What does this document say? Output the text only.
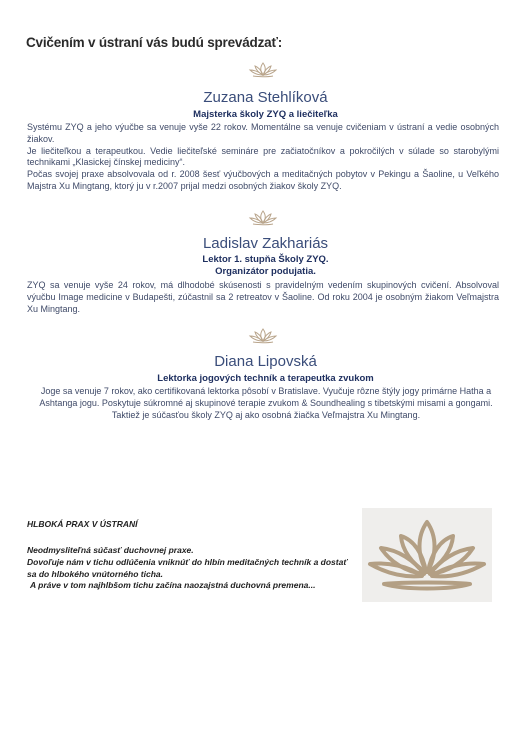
Cvičením v ústraní vás budú sprevádzať:
Zuzana Stehlíková
Majsterka školy ZYQ a liečiteľka

Systému ZYQ a jeho výučbe sa venuje vyše 22 rokov. Momentálne sa venuje cvičeniam v ústraní a vedie osobných žiakov.

Je liečiteľkou a terapeutkou. Vedie liečiteľské semináre pre začiatočníkov a pokročilých v súlade so starobylými technikami „Klasickej čínskej mediciny“.

Počas svojej praxe absolvovala od r. 2008 šesť výučbových a meditačných pobytov v Pekingu a Šaoline, u Veľkého Majstra Xu Mingtang, ktorý ju v r.2007 prijal medzi osobných žiakov školy ZYQ.

Ladislav Zakhariás
Lektor 1. stupňa Školy ZYQ.
Organizátor podujatia.

ZYQ sa venuje vyše 24 rokov, má dlhodobé skúsenosti s pravidelným vedením skupinových cvičení. Absolvoval výučbu Image medicine v Budapešti, zúčastnil sa 2 retreatov v Šaoline. Od roku 2004 je osobným žiakom Veľmajstra Xu Mingtang.

Diana Lipovská
Lektorka jogových techník a terapeutka zvukom

Joge sa venuje 7 rokov, ako certifikovaná lektorka pôsobí v Bratislave. Vyučuje rôzne štýly jogy primárne Hatha a Ashtanga jogu. Poskytuje súkromné aj skupinové terapie zvukom & Soundhealing s tibetskými misami a gongami. Taktiež je súčasťou školy ZYQ aj ako osobná žiačka Veľmajstra Xu Mingtang.

HLBOKÁ PRAX V ÚSTRANÍ

Neodmysliteľná súčasť duchovnej praxe.

Dovoľuje nám v tichu odlúčenia vniknúť do hlbín meditačných techník a dostať sa do hlbokého vnútorného ticha.

A práve v tom najhlbšom tichu začína naozajstná duchovná premena...
